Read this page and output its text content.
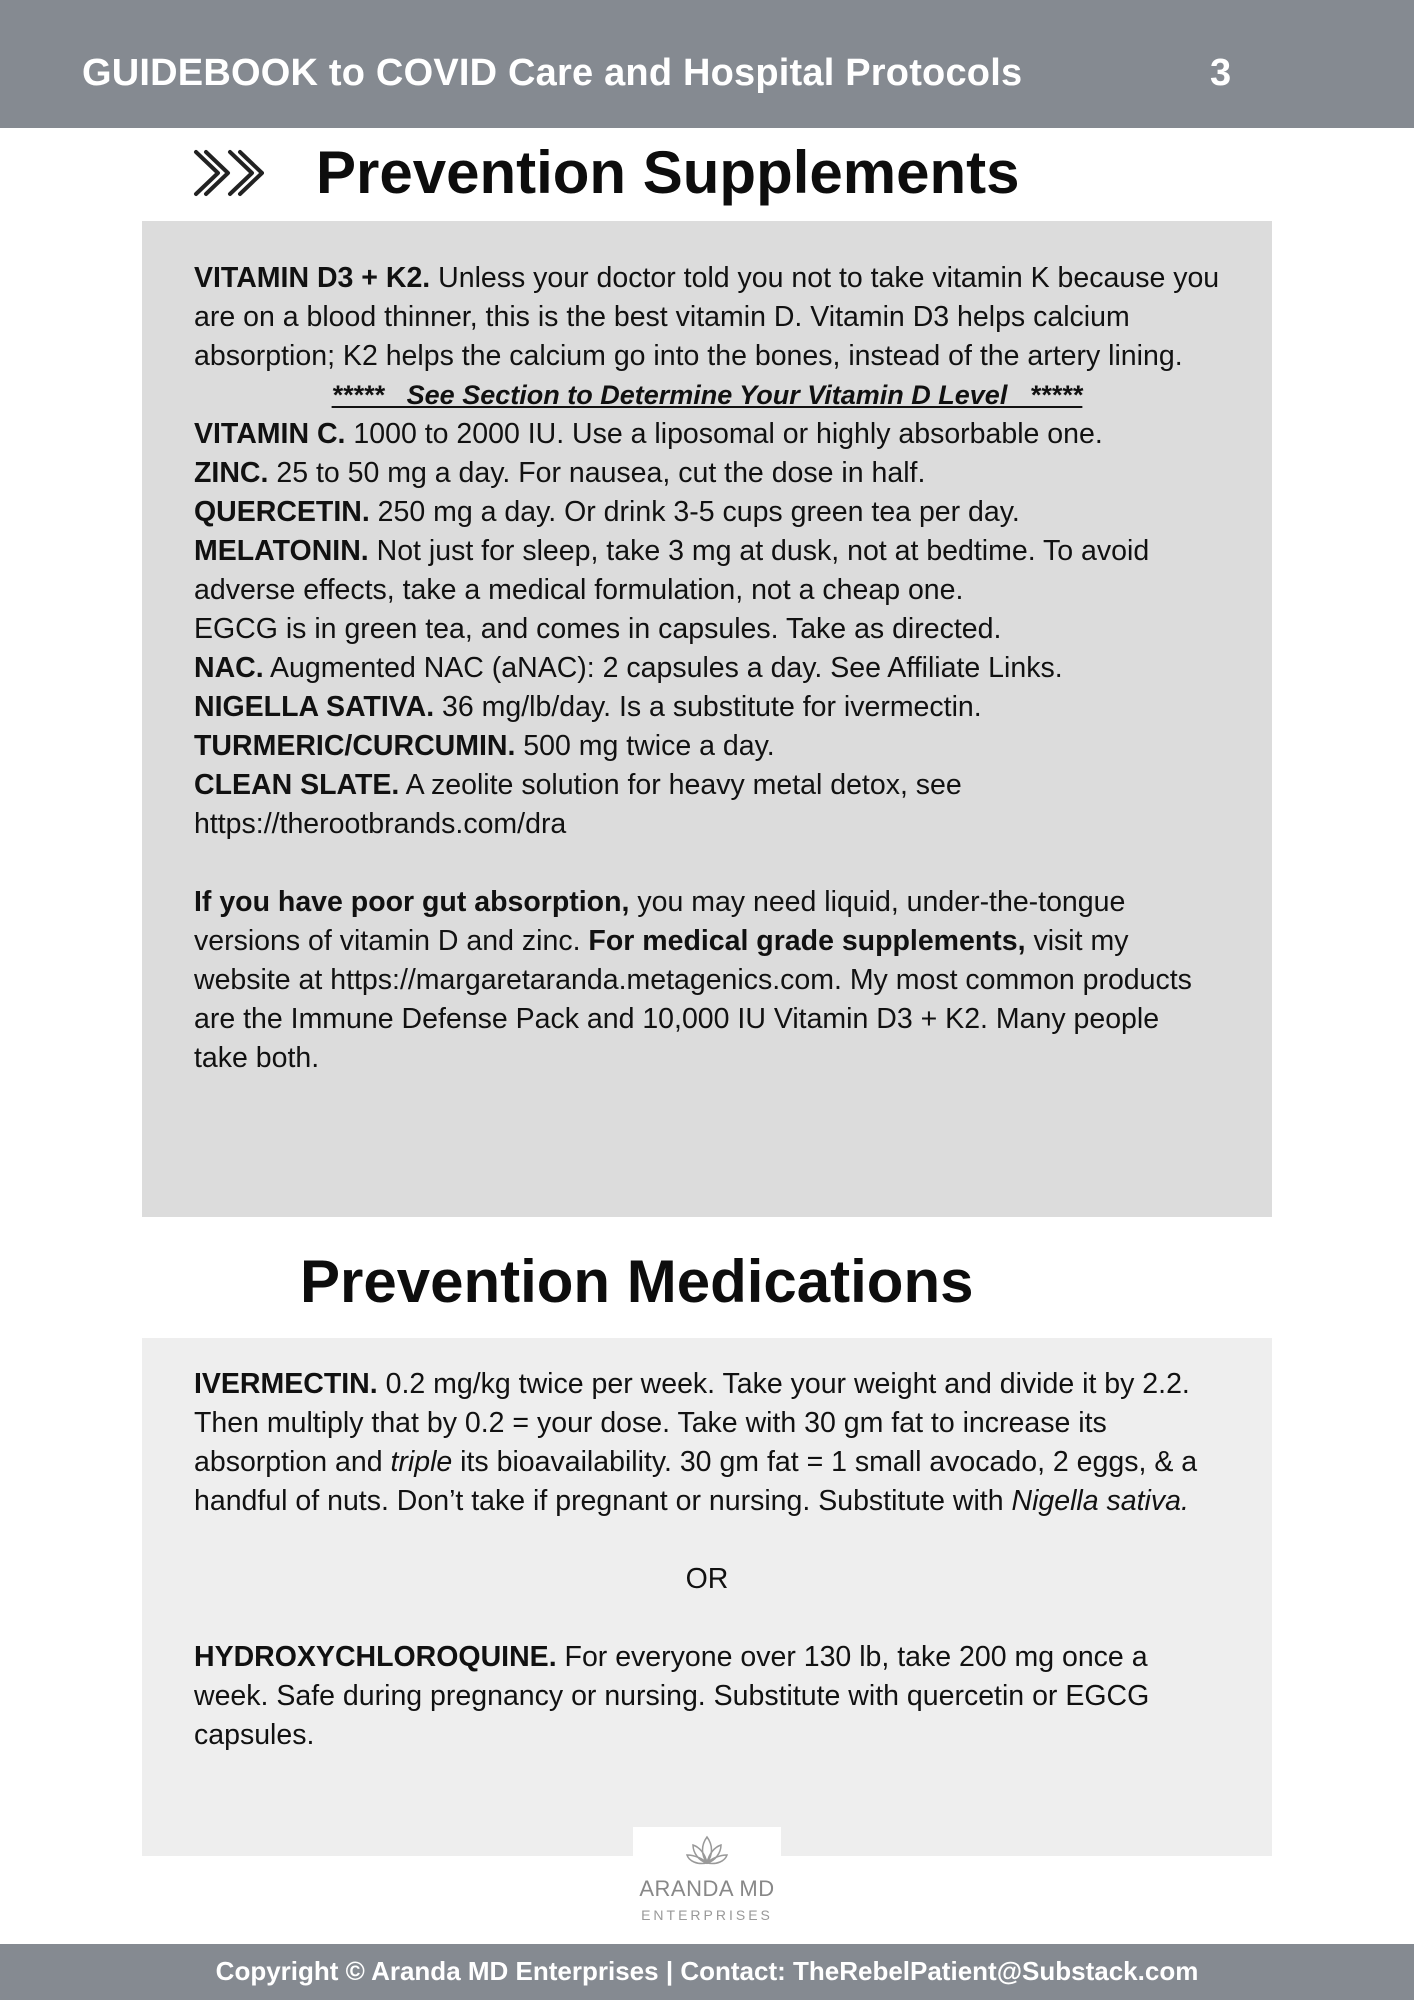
GUIDEBOOK to COVID Care and Hospital Protocols	3
Prevention Supplements

VITAMIN D3 + K2. Unless your doctor told you not to take vitamin K because you are on a blood thinner, this is the best vitamin D. Vitamin D3 helps calcium absorption; K2 helps the calcium go into the bones, instead of the artery lining.

*****   See Section to Determine Your Vitamin D Level   *****

VITAMIN C. 1000 to 2000 IU. Use a liposomal or highly absorbable one.

ZINC. 25 to 50 mg a day. For nausea, cut the dose in half.

QUERCETIN. 250 mg a day. Or drink 3-5 cups green tea per day.

MELATONIN. Not just for sleep, take 3 mg at dusk, not at bedtime. To avoid adverse effects, take a medical formulation, not a cheap one.

EGCG is in green tea, and comes in capsules. Take as directed.

NAC. Augmented NAC (aNAC): 2 capsules a day. See Affiliate Links.

NIGELLA SATIVA. 36 mg/lb/day. Is a substitute for ivermectin.

TURMERIC/CURCUMIN. 500 mg twice a day.

CLEAN SLATE. A zeolite solution for heavy metal detox, see https://therootbrands.com/dra

If you have poor gut absorption, you may need liquid, under-the-tongue versions of vitamin D and zinc. For medical grade supplements, visit my website at https://margaretaranda.metagenics.com. My most common products are the Immune Defense Pack and 10,000 IU Vitamin D3 + K2. Many people take both.

Prevention Medications

IVERMECTIN. 0.2 mg/kg twice per week. Take your weight and divide it by 2.2. Then multiply that by 0.2 = your dose. Take with 30 gm fat to increase its absorption and triple its bioavailability. 30 gm fat = 1 small avocado, 2 eggs, & a handful of nuts. Don’t take if pregnant or nursing. Substitute with Nigella sativa.

OR

HYDROXYCHLOROQUINE. For everyone over 130 lb, take 200 mg once a week. Safe during pregnancy or nursing. Substitute with quercetin or EGCG capsules.

ARANDA MD
ENTERPRISES
Copyright © Aranda MD Enterprises | Contact: TheRebelPatient@Substack.com
